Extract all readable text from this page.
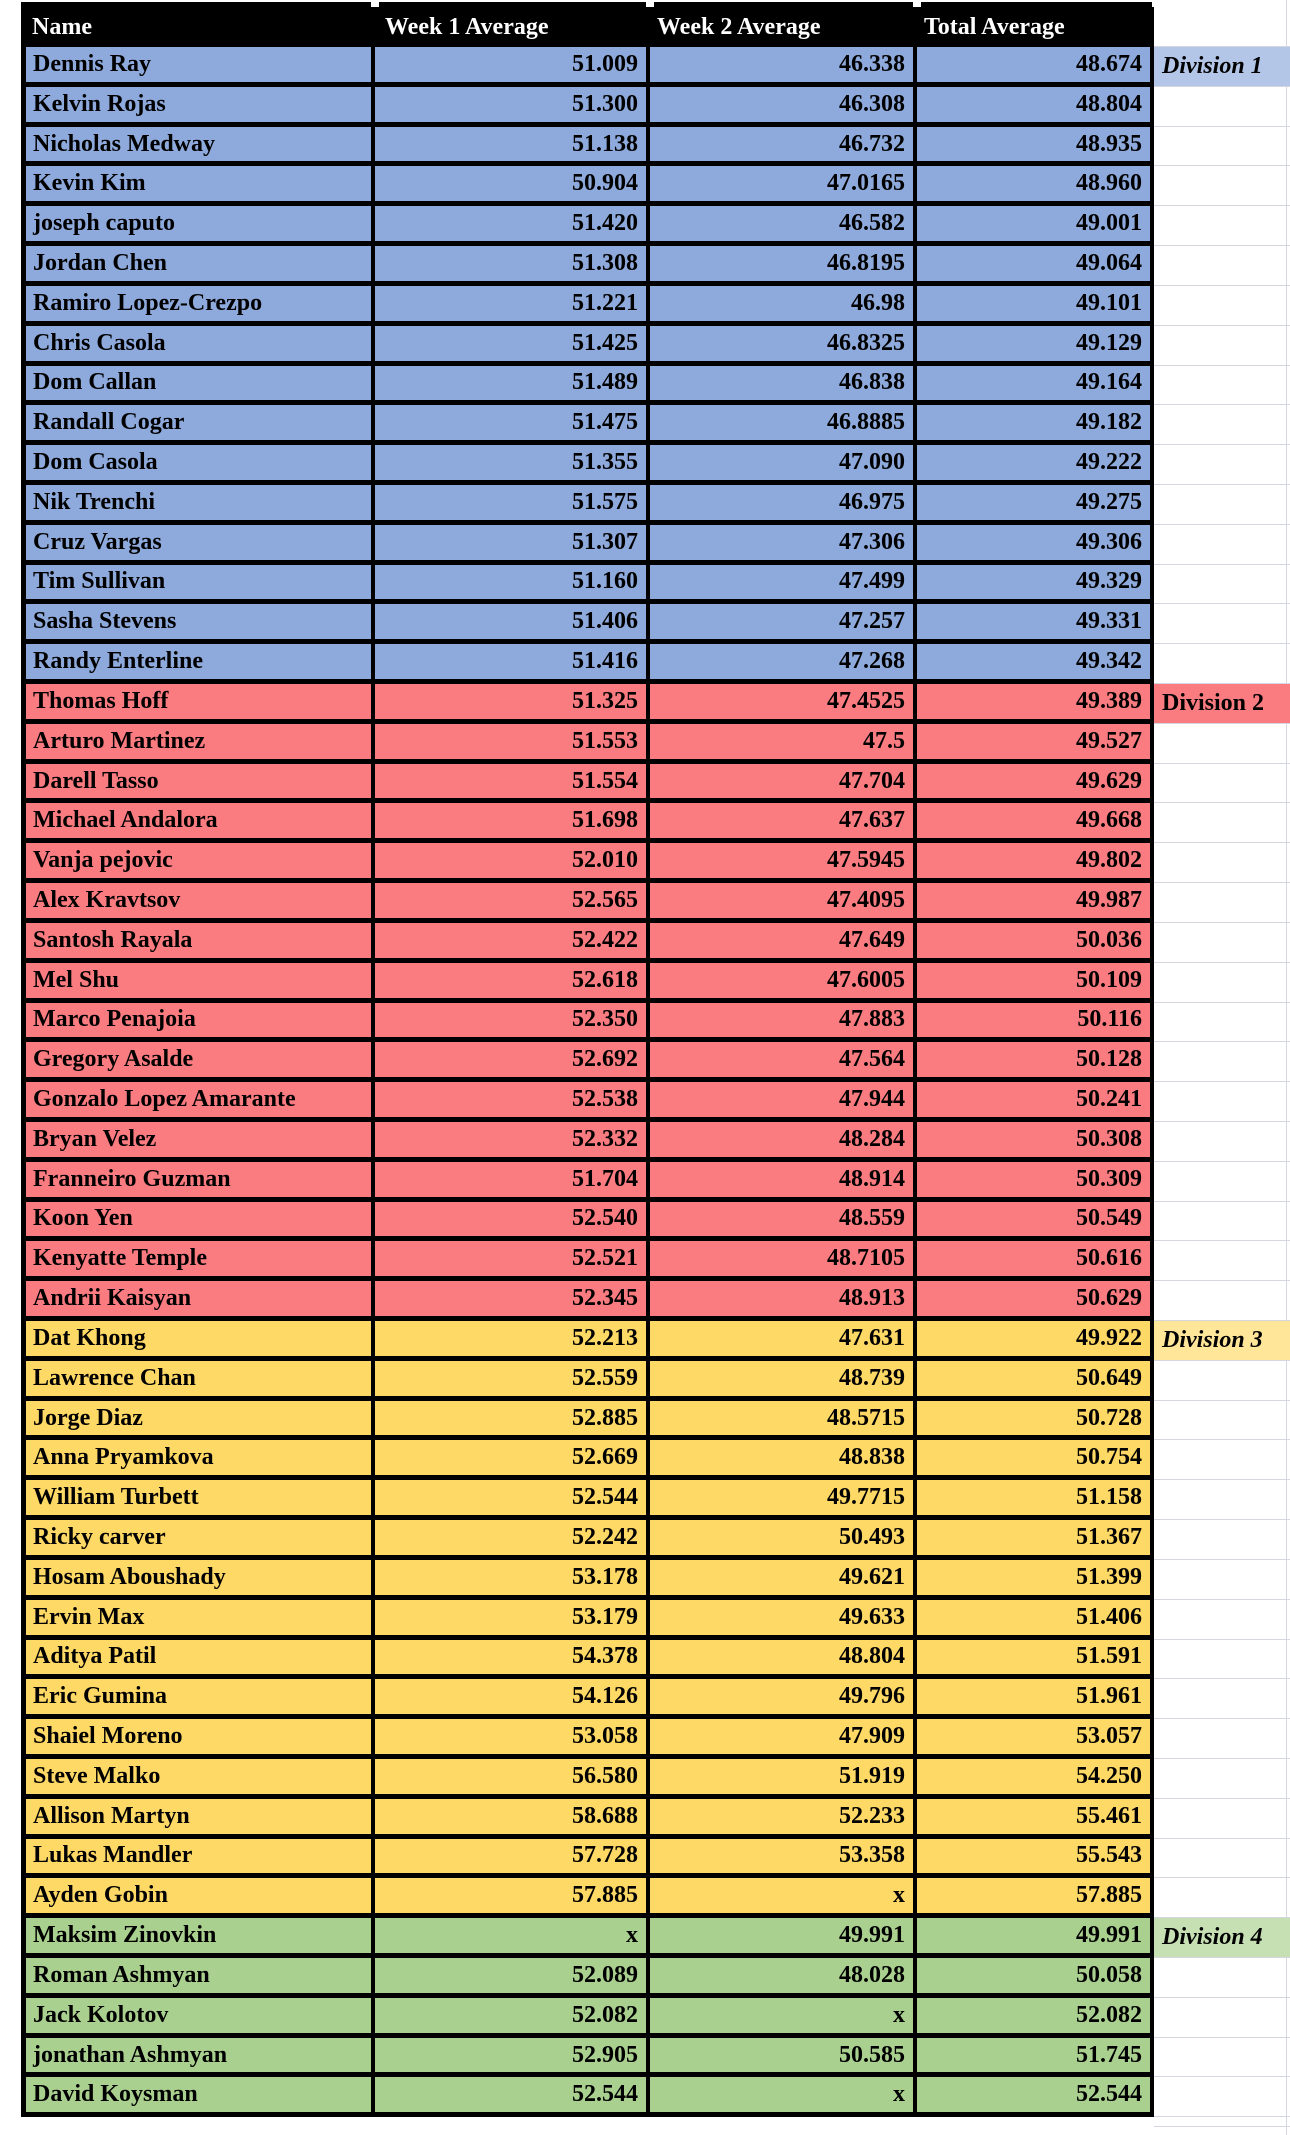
Name	Week 1 Average	Week 2 Average	Total Average
Dennis Ray	51.009	46.338	48.674 Division 1
Kelvin Rojas	51.300	46.308	48.804
Nicholas Medway	51.138	46.732	48.935
Kevin Kim	50.904	47.0165	48.960
joseph caputo	51.420	46.582	49.001
Jordan Chen	51.308	46.8195	49.064
Ramiro Lopez-Crezpo	51.221	46.98	49.101
Chris Casola	51.425	46.8325	49.129
Dom Callan	51.489	46.838	49.164
Randall Cogar	51.475	46.8885	49.182
Dom Casola	51.355	47.090	49.222
Nik Trenchi	51.575	46.975	49.275
Cruz Vargas	51.307	47.306	49.306
Tim Sullivan	51.160	47.499	49.329
Sasha Stevens	51.406	47.257	49.331
Randy Enterline	51.416	47.268	49.342
Thomas Hoff	51.325	47.4525	49.389 Division 2
Arturo Martinez	51.553	47.5	49.527
Darell Tasso	51.554	47.704	49.629
Michael Andalora	51.698	47.637	49.668
Vanja pejovic	52.010	47.5945	49.802
Alex Kravtsov	52.565	47.4095	49.987
Santosh Rayala	52.422	47.649	50.036
Mel Shu	52.618	47.6005	50.109
Marco Penajoia	52.350	47.883	50.116
Gregory Asalde	52.692	47.564	50.128
Gonzalo Lopez Amarante	52.538	47.944	50.241
Bryan Velez	52.332	48.284	50.308
Franneiro Guzman	51.704	48.914	50.309
Koon Yen	52.540	48.559	50.549
Kenyatte Temple	52.521	48.7105	50.616
Andrii Kaisyan	52.345	48.913	50.629
Dat Khong	52.213	47.631	49.922 Division 3
Lawrence Chan	52.559	48.739	50.649
Jorge Diaz	52.885	48.5715	50.728
Anna Pryamkova	52.669	48.838	50.754
William Turbett	52.544	49.7715	51.158
Ricky carver	52.242	50.493	51.367
Hosam Aboushady	53.178	49.621	51.399
Ervin Max	53.179	49.633	51.406
Aditya Patil	54.378	48.804	51.591
Eric Gumina	54.126	49.796	51.961
Shaiel Moreno	53.058	47.909	53.057
Steve Malko	56.580	51.919	54.250
Allison Martyn	58.688	52.233	55.461
Lukas Mandler	57.728	53.358	55.543
Ayden Gobin	57.885	x	57.885
Maksim Zinovkin	x	49.991	49.991 Division 4
Roman Ashmyan	52.089	48.028	50.058
Jack Kolotov	52.082	x	52.082
jonathan Ashmyan	52.905	50.585	51.745
David Koysman	52.544	x	52.544
